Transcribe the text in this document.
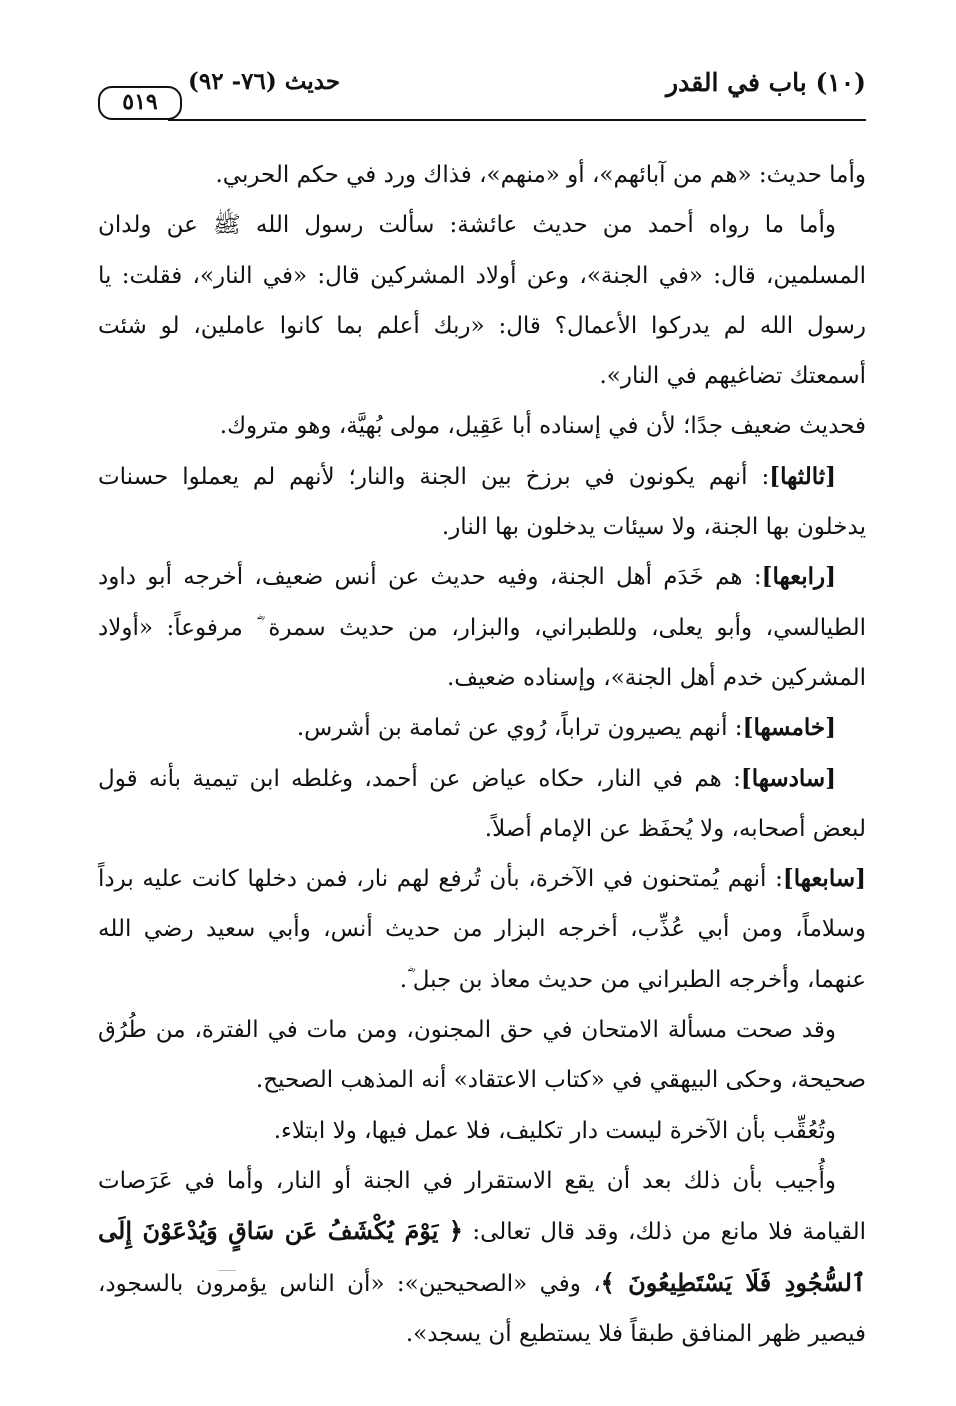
(١٠) باب في القدر
حديث (٧٦- ٩٢)
٥١٩

وأما حديث: «هم من آبائهم»، أو «منهم»، فذاك ورد في حكم الحربي.

وأما ما رواه أحمد من حديث عائشة: سألت رسول الله ﷺ عن ولدان المسلمين، قال: «في الجنة»، وعن أولاد المشركين قال: «في النار»، فقلت: يا رسول الله لم يدركوا الأعمال؟ قال: «ربك أعلم بما كانوا عاملين، لو شئت أسمعتك تضاغيهم في النار».

فحديث ضعيف جدًا؛ لأن في إسناده أبا عَقِيل، مولى بُهيَّة، وهو متروك.

[ثالثها]: أنهم يكونون في برزخ بين الجنة والنار؛ لأنهم لم يعملوا حسنات يدخلون بها الجنة، ولا سيئات يدخلون بها النار.

[رابعها]: هم خَدَم أهل الجنة، وفيه حديث عن أنس ضعيف، أخرجه أبو داود الطيالسي، وأبو يعلى، وللطبراني، والبزار، من حديث سمرة ؓ مرفوعاً: «أولاد المشركين خدم أهل الجنة»، وإسناده ضعيف.

[خامسها]: أنهم يصيرون تراباً، رُوي عن ثمامة بن أشرس.

[سادسها]: هم في النار، حكاه عياض عن أحمد، وغلطه ابن تيمية بأنه قول لبعض أصحابه، ولا يُحفَظ عن الإمام أصلاً.

[سابعها]: أنهم يُمتحنون في الآخرة، بأن تُرفع لهم نار، فمن دخلها كانت عليه برداً وسلاماً، ومن أبي عُذِّب، أخرجه البزار من حديث أنس، وأبي سعيد رضي الله عنهما، وأخرجه الطبراني من حديث معاذ بن جبل ؓ.

وقد صحت مسألة الامتحان في حق المجنون، ومن مات في الفترة، من طُرُق صحيحة، وحكى البيهقي في «كتاب الاعتقاد» أنه المذهب الصحيح.

وتُعُقِّب بأن الآخرة ليست دار تكليف، فلا عمل فيها، ولا ابتلاء.

وأُجيب بأن ذلك بعد أن يقع الاستقرار في الجنة أو النار، وأما في عَرَصات القيامة فلا مانع من ذلك، وقد قال تعالى: ﴿ يَوْمَ يُكْشَفُ عَن سَاقٍ وَيُدْعَوْنَ إِلَى ٱلسُّجُودِ فَلَا يَسْتَطِيعُونَ ﴾، وفي «الصحيحين»: «أن الناس يؤمرون بالسجود، فيصير ظهر المنافق طبقاً فلا يستطيع أن يسجد».
